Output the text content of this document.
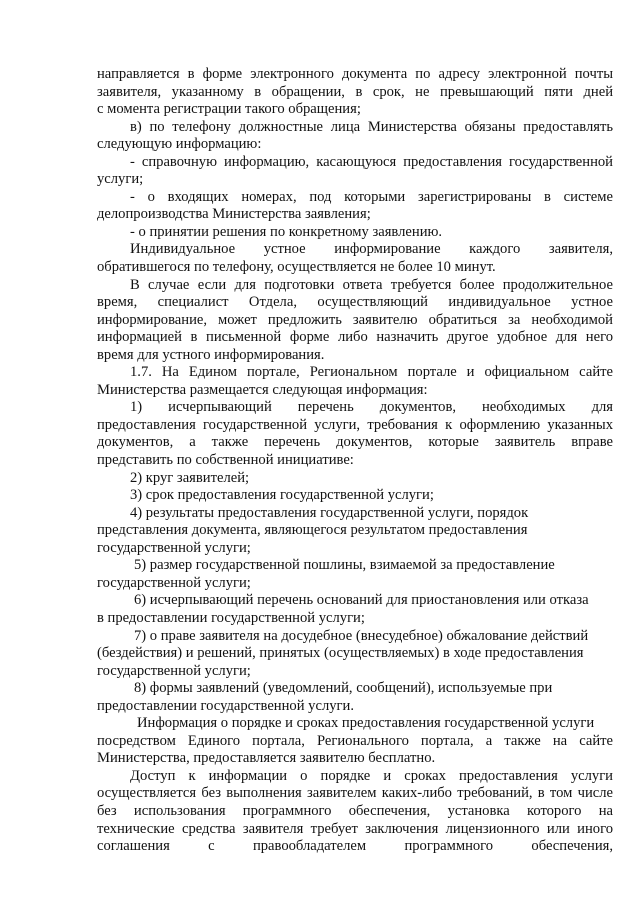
направляется в форме электронного документа по адресу электронной почты
заявителя, указанному в обращении, в срок, не превышающий пяти дней
с момента регистрации такого обращения;
в) по телефону должностные лица Министерства обязаны предоставлять
следующую информацию:
- справочную информацию, касающуюся предоставления государственной
услуги;
- о входящих номерах, под которыми зарегистрированы в системе
делопроизводства Министерства заявления;
- о принятии решения по конкретному заявлению.
Индивидуальное устное информирование каждого заявителя,
обратившегося по телефону, осуществляется не более 10 минут.
В случае если для подготовки ответа требуется более продолжительное
время, специалист Отдела, осуществляющий индивидуальное устное
информирование, может предложить заявителю обратиться за необходимой
информацией в письменной форме либо назначить другое удобное для него
время для устного информирования.
1.7. На Едином портале, Региональном портале и официальном сайте
Министерства размещается следующая информация:
1) исчерпывающий перечень документов, необходимых для
предоставления государственной услуги, требования к оформлению указанных
документов, а также перечень документов, которые заявитель вправе
представить по собственной инициативе:
2) круг заявителей;
3) срок предоставления государственной услуги;
4) результаты предоставления государственной услуги, порядок
представления документа, являющегося результатом предоставления
государственной услуги;
5) размер государственной пошлины, взимаемой за предоставление
государственной услуги;
6) исчерпывающий перечень оснований для приостановления или отказа
в предоставлении государственной услуги;
7) о праве заявителя на досудебное (внесудебное) обжалование действий
(бездействия) и решений, принятых (осуществляемых) в ходе предоставления
государственной услуги;
8) формы заявлений (уведомлений, сообщений), используемые при
предоставлении государственной услуги.
Информация о порядке и сроках предоставления государственной услуги
посредством Единого портала, Регионального портала, а также на сайте
Министерства, предоставляется заявителю бесплатно.
Доступ к информации о порядке и сроках предоставления услуги
осуществляется без выполнения заявителем каких-либо требований, в том числе
без использования программного обеспечения, установка которого на
технические средства заявителя требует заключения лицензионного или иного
соглашения с правообладателем программного обеспечения,
